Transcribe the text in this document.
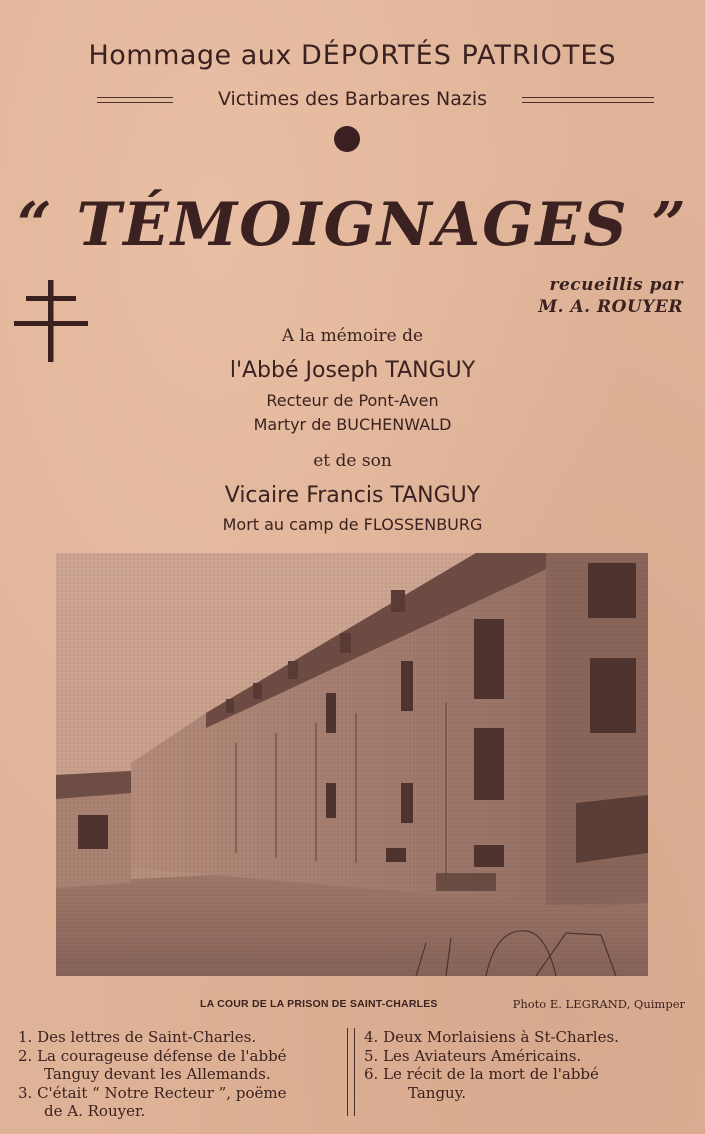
Hommage aux DÉPORTÉS PATRIOTES
Victimes des Barbares Nazis
“ TÉMOIGNAGES ”
recueillis par
M. A. ROUYER
A la mémoire de
l'Abbé Joseph TANGUY
Recteur de Pont-Aven
Martyr de BUCHENWALD
et de son
Vicaire Francis TANGUY
Mort au camp de FLOSSENBURG
LA COUR DE LA PRISON DE SAINT-CHARLES	Photo E. LEGRAND, Quimper
1. Des lettres de Saint-Charles.
2. La courageuse défense de l'abbé
Tanguy devant les Allemands.
3. C'était “ Notre Recteur ”, poëme
de A. Rouyer.
4. Deux Morlaisiens à St-Charles.
5. Les Aviateurs Américains.
6. Le récit de la mort de l'abbé
Tanguy.
